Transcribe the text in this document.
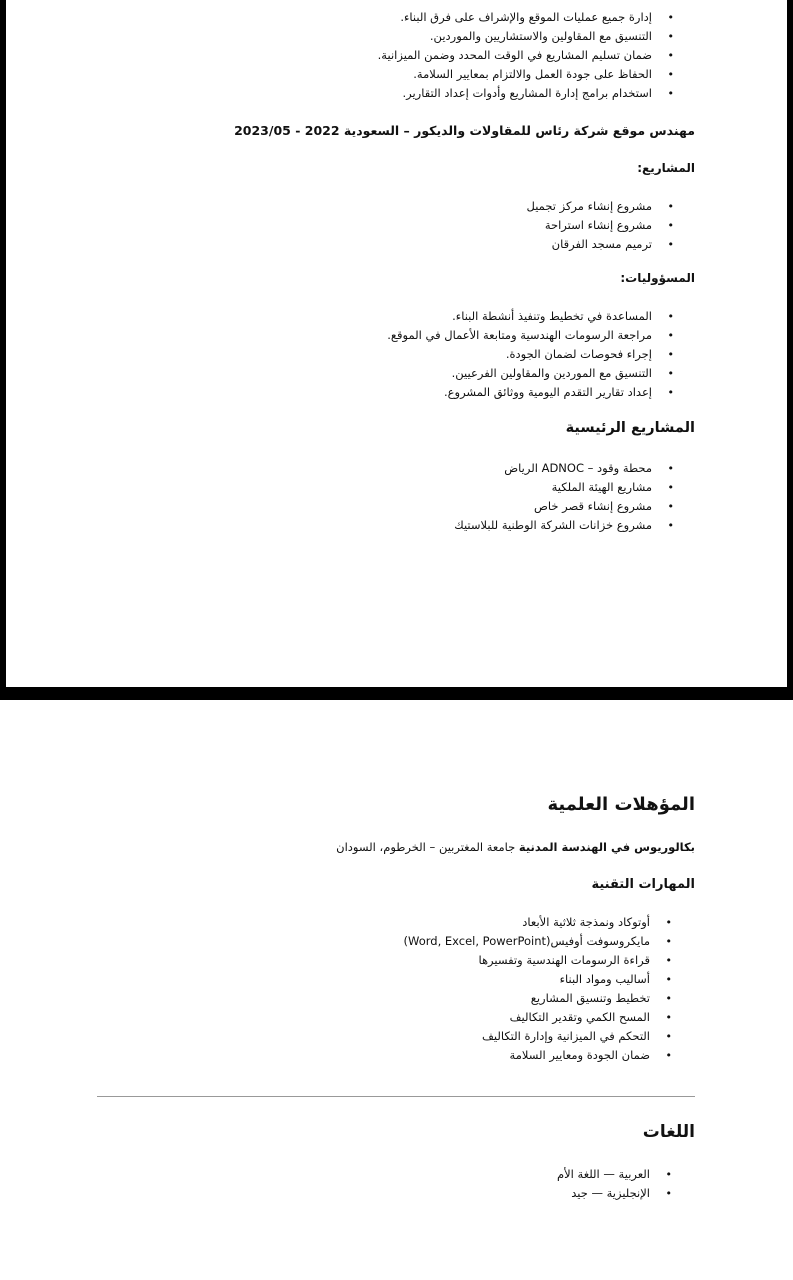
• إدارة جميع عمليات الموقع والإشراف على فرق البناء.
• التنسيق مع المقاولين والاستشاريين والموردين.
• ضمان تسليم المشاريع في الوقت المحدد وضمن الميزانية.
• الحفاظ على جودة العمل والالتزام بمعايير السلامة.
• استخدام برامج إدارة المشاريع وأدوات إعداد التقارير.
مهندس موقع شركة رئاس للمقاولات والديكور – السعودية 2022 - 2023/05
المشاريع:
• مشروع إنشاء مركز تجميل
• مشروع إنشاء استراحة
• ترميم مسجد الفرقان
المسؤوليات:
• المساعدة في تخطيط وتنفيذ أنشطة البناء.
• مراجعة الرسومات الهندسية ومتابعة الأعمال في الموقع.
• إجراء فحوصات لضمان الجودة.
• التنسيق مع الموردين والمقاولين الفرعيين.
• إعداد تقارير التقدم اليومية ووثائق المشروع.
المشاريع الرئيسية
• محطة وقود – ADNOC الرياض
• مشاريع الهيئة الملكية
• مشروع إنشاء قصر خاص
• مشروع خزانات الشركة الوطنية للبلاستيك
المؤهلات العلمية
بكالوريوس في الهندسة المدنية جامعة المغتربين – الخرطوم، السودان
المهارات التقنية
• أوتوكاد ونمذجة ثلاثية الأبعاد
• مايكروسوفت أوفيس(Word, Excel, PowerPoint)
• قراءة الرسومات الهندسية وتفسيرها
• أساليب ومواد البناء
• تخطيط وتنسيق المشاريع
• المسح الكمي وتقدير التكاليف
• التحكم في الميزانية وإدارة التكاليف
• ضمان الجودة ومعايير السلامة
اللغات
• العربية — اللغة الأم
• الإنجليزية — جيد
